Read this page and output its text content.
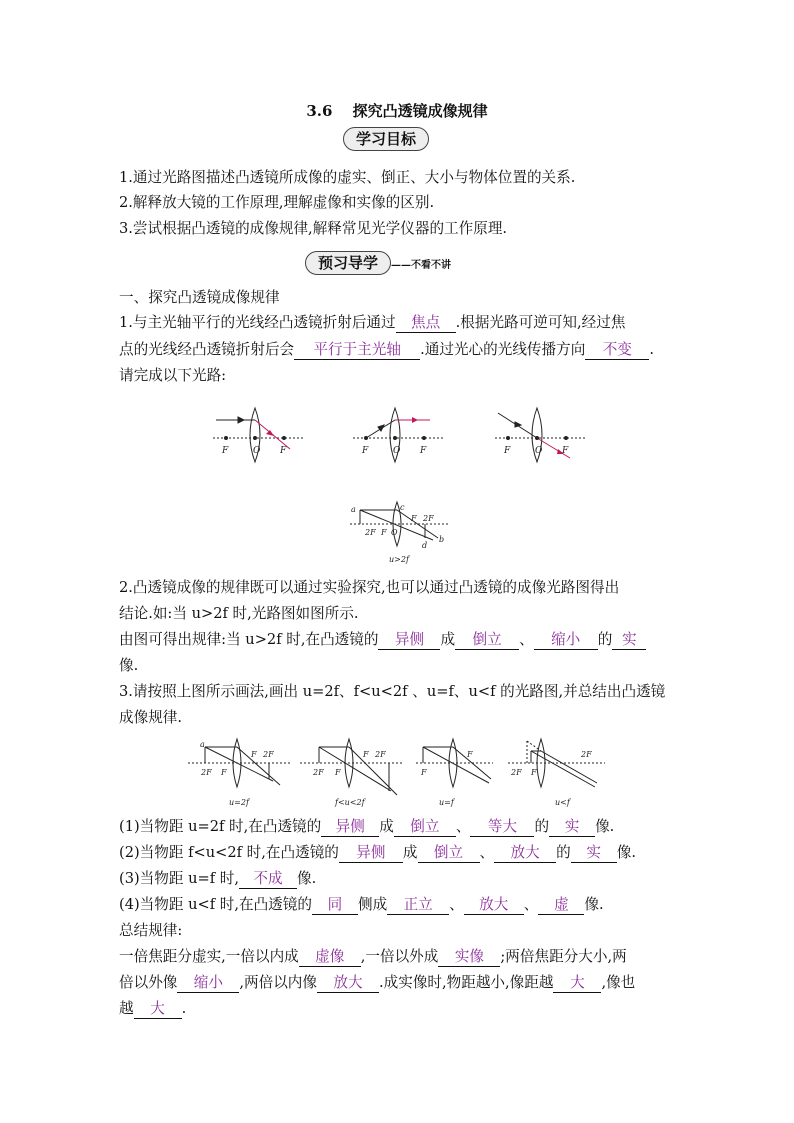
3.6　 探究凸透镜成像规律
学习目标
1.通过光路图描述凸透镜所成像的虚实、倒正、大小与物体位置的关系.
2.解释放大镜的工作原理,理解虚像和实像的区别.
3.尝试根据凸透镜的成像规律,解释常见光学仪器的工作原理.
预习导学 ——不看不讲
一、探究凸透镜成像规律
1.与主光轴平行的光线经凸透镜折射后通过 焦点 .根据光路可逆可知,经过焦
点的光线经凸透镜折射后会 平行于主光轴 .通过光心的光线传播方向 不变 .
请完成以下光路:
F	O F	F	O F	F	O F
a	c
F 2F
2F F O
b
d
u>2f
2.凸透镜成像的规律既可以通过实验探究,也可以通过凸透镜的成像光路图得出
结论.如:当 u>2f 时,光路图如图所示.
由图可得出规律:当 u>2f 时,在凸透镜的 异侧 成 倒立 、 缩小 的 实
像.
3.请按照上图所示画法,画出 u=2f、f<u<2f 、u=f、u<f 的光路图,并总结出凸透镜
成像规律.
a
2F F
F 2F
u=2f
2F F
F 2F
f<u<2f
F
F
u=f
2F F
2F
u<f
(1)当物距 u=2f 时,在凸透镜的 异侧 成 倒立 、 等大 的 实 像.
(2)当物距 f<u<2f 时,在凸透镜的 异侧 成 倒立 、 放大 的 实 像.
(3)当物距 u=f 时, 不成 像.
(4)当物距 u<f 时,在凸透镜的 同 侧成 正立 、 放大 、 虚 像.
总结规律:
一倍焦距分虚实,一倍以内成 虚像 ,一倍以外成 实像 ;两倍焦距分大小,两
倍以外像 缩小 ,两倍以内像 放大 .成实像时,物距越小,像距越 大 ,像也
越 大 .
